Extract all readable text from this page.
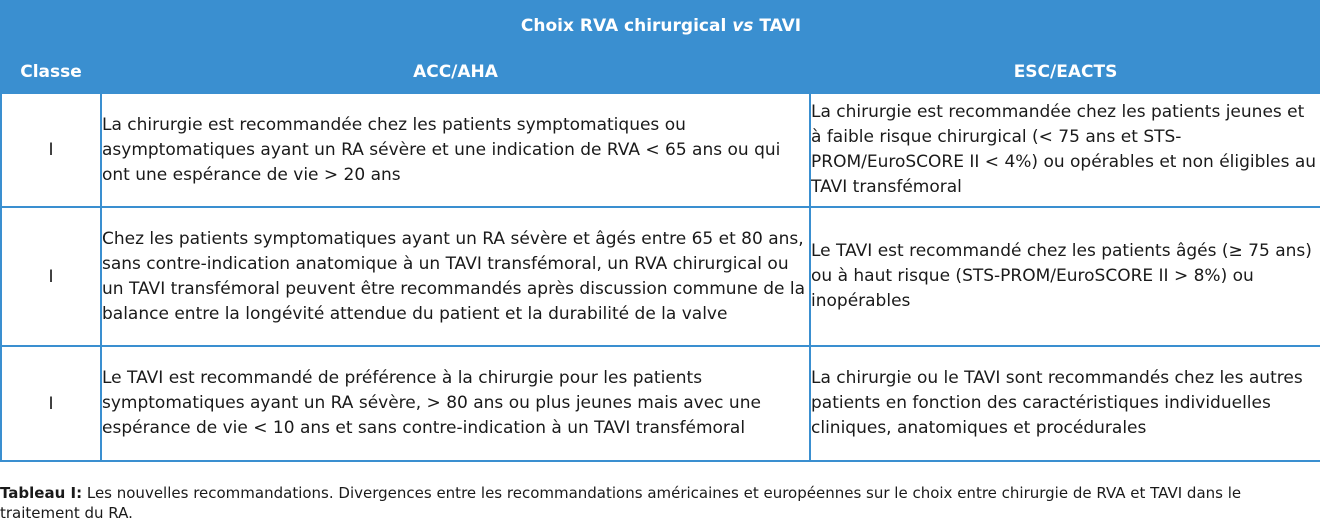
Choix RVA chirurgical vs TAVI		
Classe	ACC/AHA	ESC/EACTS
I	La chirurgie est recommandée chez les patients symptomatiques ou asymptomatiques ayant un RA sévère et une indication de RVA < 65 ans ou qui ont une espérance de vie > 20 ans	La chirurgie est recommandée chez les patients jeunes et à faible risque chirurgical (< 75 ans et STS-PROM/EuroSCORE II < 4%) ou opérables et non éligibles au TAVI transfémoral
I	Chez les patients symptomatiques ayant un RA sévère et âgés entre 65 et 80 ans, sans contre-indication anatomique à un TAVI transfémoral, un RVA chirurgical ou un TAVI transfémoral peuvent être recommandés après discussion commune de la balance entre la longévité attendue du patient et la durabilité de la valve	Le TAVI est recommandé chez les patients âgés (≥ 75 ans) ou à haut risque (STS-PROM/EuroSCORE II > 8%) ou inopérables
I	Le TAVI est recommandé de préférence à la chirurgie pour les patients symptomatiques ayant un RA sévère, > 80 ans ou plus jeunes mais avec une espérance de vie < 10 ans et sans contre-indication à un TAVI transfémoral	La chirurgie ou le TAVI sont recommandés chez les autres patients en fonction des caractéristiques individuelles cliniques, anatomiques et procédurales
Tableau I: Les nouvelles recommandations. Divergences entre les recommandations américaines et européennes sur le choix entre chirurgie de RVA et TAVI dans le traitement du RA.
